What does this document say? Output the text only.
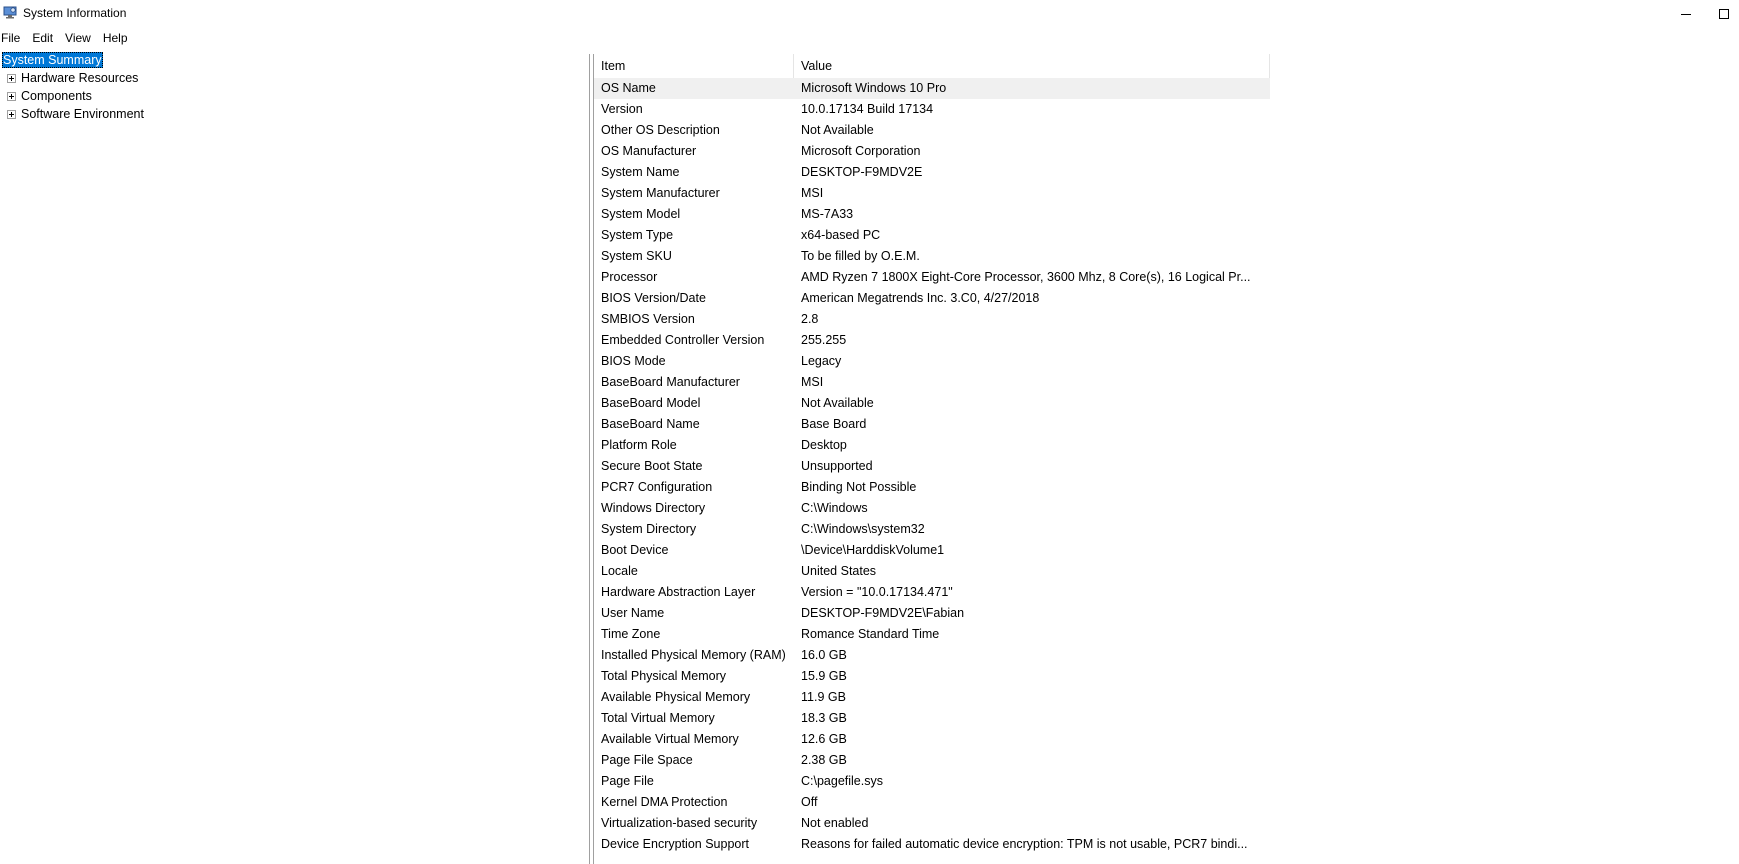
System Information
File	Edit	View	Help
System Summary
Hardware Resources
Components
Software Environment
Item	Value
OS Name	Microsoft Windows 10 Pro
Version	10.0.17134 Build 17134
Other OS Description	Not Available
OS Manufacturer	Microsoft Corporation
System Name	DESKTOP-F9MDV2E
System Manufacturer	MSI
System Model	MS-7A33
System Type	x64-based PC
System SKU	To be filled by O.E.M.
Processor	AMD Ryzen 7 1800X Eight-Core Processor, 3600 Mhz, 8 Core(s), 16 Logical Pr...
BIOS Version/Date	American Megatrends Inc. 3.C0, 4/27/2018
SMBIOS Version	2.8
Embedded Controller Version	255.255
BIOS Mode	Legacy
BaseBoard Manufacturer	MSI
BaseBoard Model	Not Available
BaseBoard Name	Base Board
Platform Role	Desktop
Secure Boot State	Unsupported
PCR7 Configuration	Binding Not Possible
Windows Directory	C:\Windows
System Directory	C:\Windows\system32
Boot Device	\Device\HarddiskVolume1
Locale	United States
Hardware Abstraction Layer	Version = "10.0.17134.471"
User Name	DESKTOP-F9MDV2E\Fabian
Time Zone	Romance Standard Time
Installed Physical Memory (RAM)	16.0 GB
Total Physical Memory	15.9 GB
Available Physical Memory	11.9 GB
Total Virtual Memory	18.3 GB
Available Virtual Memory	12.6 GB
Page File Space	2.38 GB
Page File	C:\pagefile.sys
Kernel DMA Protection	Off
Virtualization-based security	Not enabled
Device Encryption Support	Reasons for failed automatic device encryption: TPM is not usable, PCR7 bindi...
